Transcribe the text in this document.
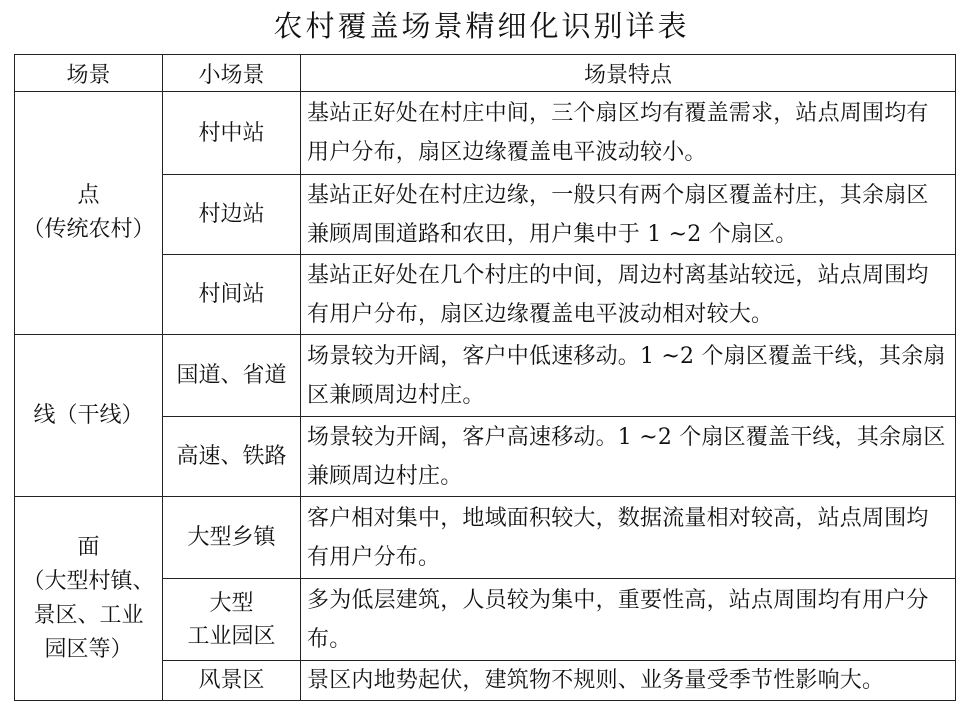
农村覆盖场景精细化识别详表
场景	小场景	场景特点

点
（传统农村）	村中站	基站正好处在村庄中间，三个扇区均有覆盖需求，站点周围均有用户分布，扇区边缘覆盖电平波动较小。
	村边站	基站正好处在村庄边缘，一般只有两个扇区覆盖村庄，其余扇区兼顾周围道路和农田，用户集中于 1 ~2 个扇区。
	村间站	基站正好处在几个村庄的中间，周边村离基站较远，站点周围均有用户分布，扇区边缘覆盖电平波动相对较大。
线（干线）	国道、省道	场景较为开阔，客户中低速移动。1 ~2 个扇区覆盖干线，其余扇区兼顾周边村庄。
	高速、铁路	场景较为开阔，客户高速移动。1 ~2 个扇区覆盖干线，其余扇区兼顾周边村庄。

面
（大型村镇、
景区、工业
园区等）	大型乡镇	客户相对集中，地域面积较大，数据流量相对较高，站点周围均有用户分布。

	大型
工业园区	多为低层建筑，人员较为集中，重要性高，站点周围均有用户分布。
	风景区	景区内地势起伏，建筑物不规则、业务量受季节性影响大。
